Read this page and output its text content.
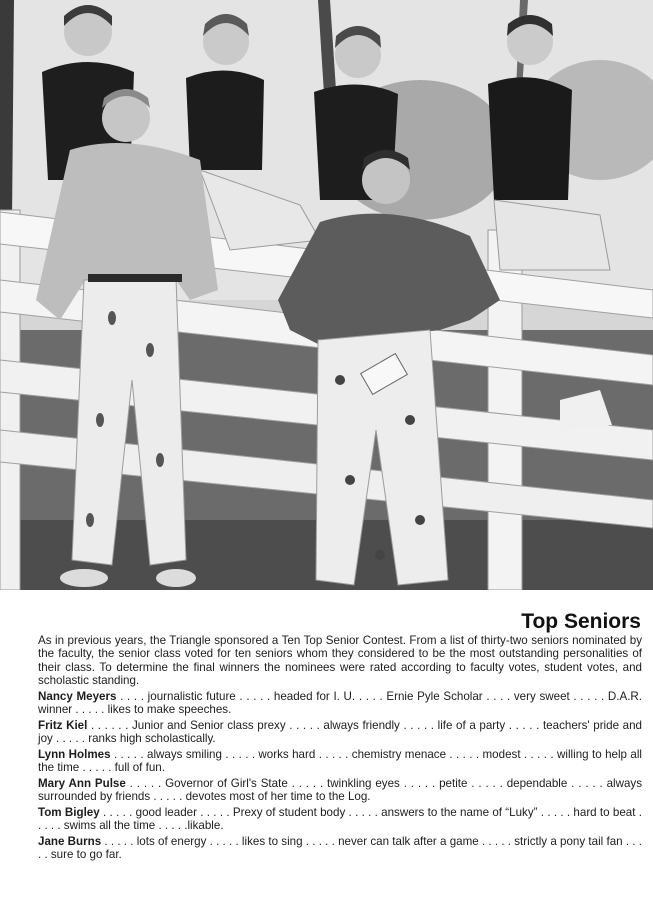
Top Seniors

As in previous years, the Triangle sponsored a Ten Top Senior Contest. From a list of thirty-two seniors nominated by the faculty, the senior class voted for ten seniors whom they considered to be the most outstanding personalities of their class. To determine the final winners the nominees were rated according to faculty votes, student votes, and scholastic standing.

Nancy Meyers . . . . journalistic future . . . . . headed for I. U. . . . . Ernie Pyle Scholar . . . . very sweet . . . . . D.A.R. winner . . . . . likes to make speeches.

Fritz Kiel . . . . . . Junior and Senior class prexy . . . . . always friendly . . . . . life of a party . . . . . teachers' pride and joy . . . . . ranks high scholastically.

Lynn Holmes . . . . . always smiling . . . . . works hard . . . . . chemistry menace . . . . . modest . . . . . willing to help all the time . . . . . full of fun.

Mary Ann Pulse . . . . . Governor of Girl's State . . . . . twinkling eyes . . . . . petite . . . . . dependable . . . . . always surrounded by friends . . . . . devotes most of her time to the Log.

Tom Bigley . . . . . good leader . . . . . Prexy of student body . . . . . answers to the name of “Luky” . . . . . hard to beat . . . . . swims all the time . . . . .likable.

Jane Burns . . . . . lots of energy . . . . . likes to sing . . . . . never can talk after a game . . . . . strictly a pony tail fan . . . . . sure to go far.
